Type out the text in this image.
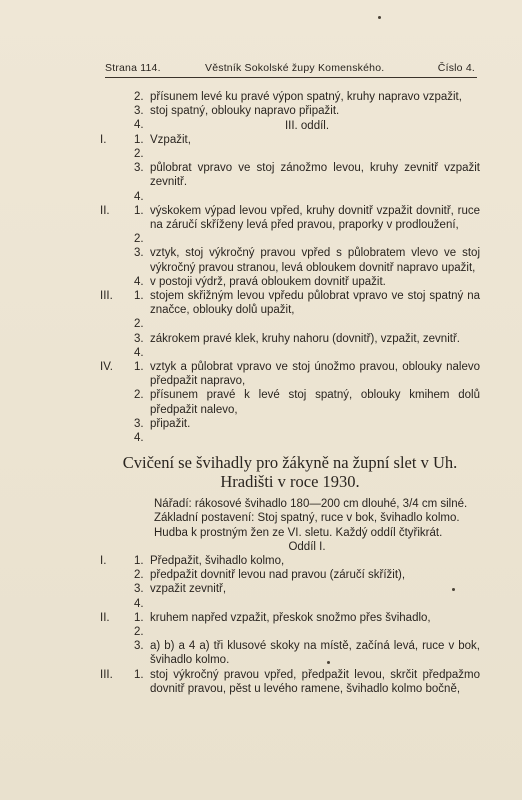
Strana 114.	Věstník Sokolské župy Komenského.	Číslo 4.
2. přísunem levé ku pravé výpon spatný, kruhy napravo vzpažit,
3. stoj spatný, oblouky napravo připažit.
4.	III. oddíl.
I.	1. Vzpažit,
2.
3. půlobrat vpravo ve stoj zánožmo levou, kruhy zevnitř vzpažit zevnitř.
4.
II.	1. výskokem výpad levou vpřed, kruhy dovnitř vzpažit dovnitř, ruce na záručí skříženy levá před pravou, praporky v prodloužení,
2.
3. vztyk, stoj výkročný pravou vpřed s půlobratem vlevo ve stoj výkročný pravou stranou, levá obloukem dovnitř napravo upažit,
4. v postoji výdrž, pravá obloukem dovnitř upažit.
III.	1. stojem skřižným levou vpředu půlobrat vpravo ve stoj spatný na značce, oblouky dolů upažit,
2.
3. zákrokem pravé klek, kruhy nahoru (dovnitř), vzpažit, zevnitř.
4.
IV.	1. vztyk a půlobrat vpravo ve stoj únožmo pravou, oblouky nalevo předpažit napravo,
2. přísunem pravé k levé stoj spatný, oblouky kmihem dolů předpažit nalevo,
3. připažit.
4.
Cvičení se švihadly pro žákyně na župní slet v Uh. Hradišti v roce 1930.
Nářadí: rákosové švihadlo 180—200 cm dlouhé, 3/4 cm silné.
Základní postavení: Stoj spatný, ruce v bok, švihadlo kolmo.
Hudba k prostným žen ze VI. sletu. Každý oddíl čtyřikrát.
Oddíl I.
I.	1. Předpažit, švihadlo kolmo,
2. předpažit dovnitř levou nad pravou (záručí skřížit),
3. vzpažit zevnitř,
4.
II.	1. kruhem napřed vzpažit, přeskok snožmo přes švihadlo,
2.
3. a) b) a 4 a) tři klusové skoky na místě, začíná levá, ruce v bok, švihadlo kolmo.
III.	1. stoj výkročný pravou vpřed, předpažit levou, skrčit předpažmo dovnitř pravou, pěst u levého ramene, švihadlo kolmo bočně,
